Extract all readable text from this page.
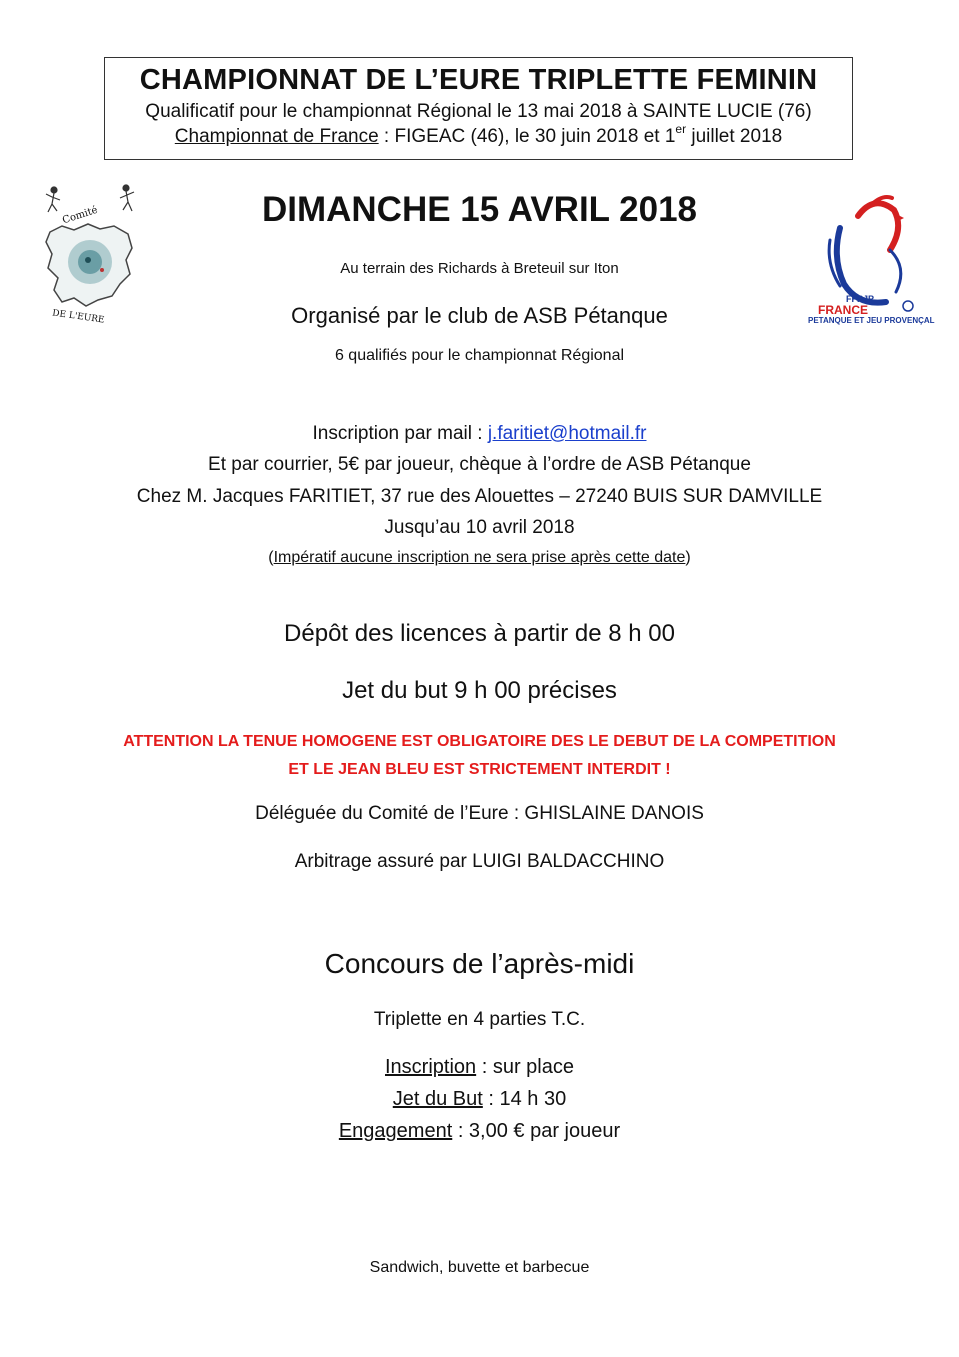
CHAMPIONNAT DE L’EURE TRIPLETTE FEMININ
Qualificatif pour le championnat Régional le 13 mai 2018 à SAINTE LUCIE (76)
Championnat de France : FIGEAC (46), le 30 juin 2018 et 1er juillet 2018
Comité
DE L'EURE
FFPJP
FRANCE
PETANQUE ET JEU PROVENÇAL
DIMANCHE 15 AVRIL 2018
Au terrain des Richards à Breteuil sur Iton
Organisé par le club de ASB Pétanque
6 qualifiés pour le championnat Régional
Inscription par mail : j.faritiet@hotmail.fr
Et par courrier, 5€ par joueur, chèque à l’ordre de ASB Pétanque
Chez M. Jacques FARITIET, 37 rue des Alouettes – 27240 BUIS SUR DAMVILLE
Jusqu’au 10 avril 2018
(Impératif aucune inscription ne sera prise après cette date)
Dépôt des licences à partir de 8 h 00
Jet du but 9 h 00 précises
ATTENTION LA TENUE HOMOGENE EST OBLIGATOIRE DES LE DEBUT DE LA COMPETITION
ET LE JEAN BLEU EST STRICTEMENT INTERDIT !
Déléguée du Comité de l’Eure : GHISLAINE DANOIS
Arbitrage assuré par LUIGI BALDACCHINO
Concours de l’après-midi
Triplette en 4 parties T.C.
Inscription : sur place
Jet du But : 14 h 30
Engagement : 3,00 € par joueur
Sandwich, buvette et barbecue
